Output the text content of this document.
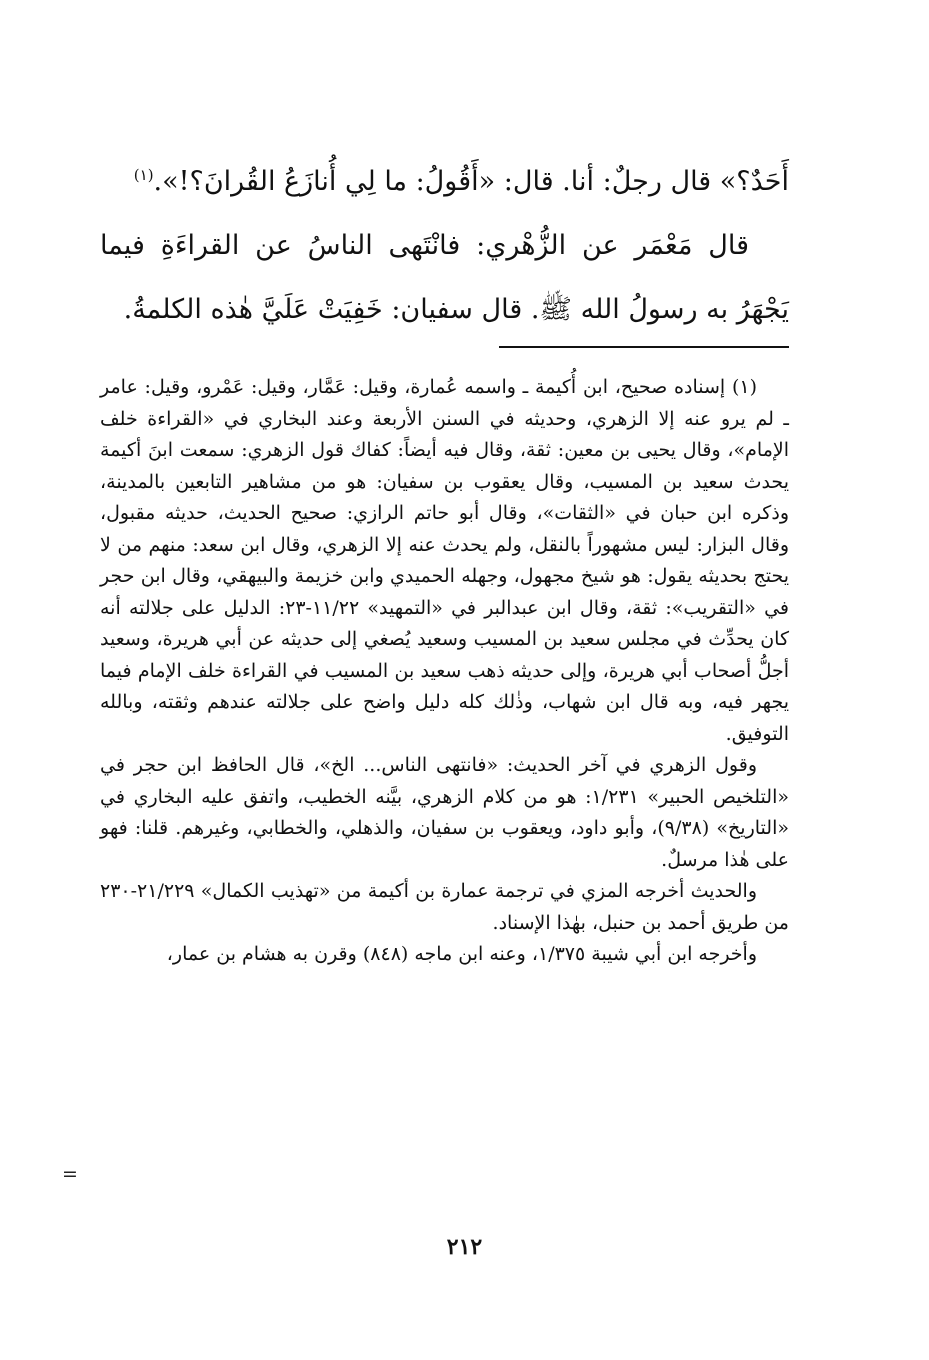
أَحَدٌ؟» قال رجلٌ: أنا. قال: «أَقُولُ: ما لِي أُنازَعُ القُرانَ؟!».$^{(١)}$

قال مَعْمَر عن الزُّهْري: فانْتَهى الناسُ عن القراءَةِ فيما يَجْهَرُ به رسولُ الله ﷺ. قال سفيان: خَفِيَتْ عَلَيَّ هٰذه الكلمةُ.

(١) إسناده صحيح، ابن أُكيمة ـ واسمه عُمارة، وقيل: عَمَّار، وقيل: عَمْرو، وقيل: عامر ـ لم يرو عنه إلا الزهري، وحديثه في السنن الأربعة وعند البخاري في «القراءة خلف الإمام»، وقال يحيى بن معين: ثقة، وقال فيه أيضاً: كفاك قول الزهري: سمعت ابنَ أكيمة يحدث سعيد بن المسيب، وقال يعقوب بن سفيان: هو من مشاهير التابعين بالمدينة، وذكره ابن حبان في «الثقات»، وقال أبو حاتم الرازي: صحيح الحديث، حديثه مقبول، وقال البزار: ليس مشهوراً بالنقل، ولم يحدث عنه إلا الزهري، وقال ابن سعد: منهم من لا يحتج بحديثه يقول: هو شيخ مجهول، وجهله الحميدي وابن خزيمة والبيهقي، وقال ابن حجر في «التقريب»: ثقة، وقال ابن عبدالبر في «التمهيد» ١١/٢٢-٢٣: الدليل على جلالته أنه كان يحدِّث في مجلس سعيد بن المسيب وسعيد يُصغي إلى حديثه عن أبي هريرة، وسعيد أجلُّ أصحاب أبي هريرة، وإلى حديثه ذهب سعيد بن المسيب في القراءة خلف الإمام فيما يجهر فيه، وبه قال ابن شهاب، وذٰلك كله دليل واضح على جلالته عندهم وثقته، وبالله التوفيق.

وقول الزهري في آخر الحديث: «فانتهى الناس... الخ»، قال الحافظ ابن حجر في «التلخيص الحبير» ١/٢٣١: هو من كلام الزهري، بيَّنه الخطيب، واتفق عليه البخاري في «التاريخ» (٩/٣٨)، وأبو داود، ويعقوب بن سفيان، والذهلي، والخطابي، وغيرهم. قلنا: فهو على هٰذا مرسلٌ.

والحديث أخرجه المزي في ترجمة عمارة بن أكيمة من «تهذيب الكمال» ٢١/٢٢٩-٢٣٠ من طريق أحمد بن حنبل، بهٰذا الإسناد.

وأخرجه ابن أبي شيبة ١/٣٧٥، وعنه ابن ماجه (٨٤٨) وقرن به هشام بن عمار،

=
٢١٢
